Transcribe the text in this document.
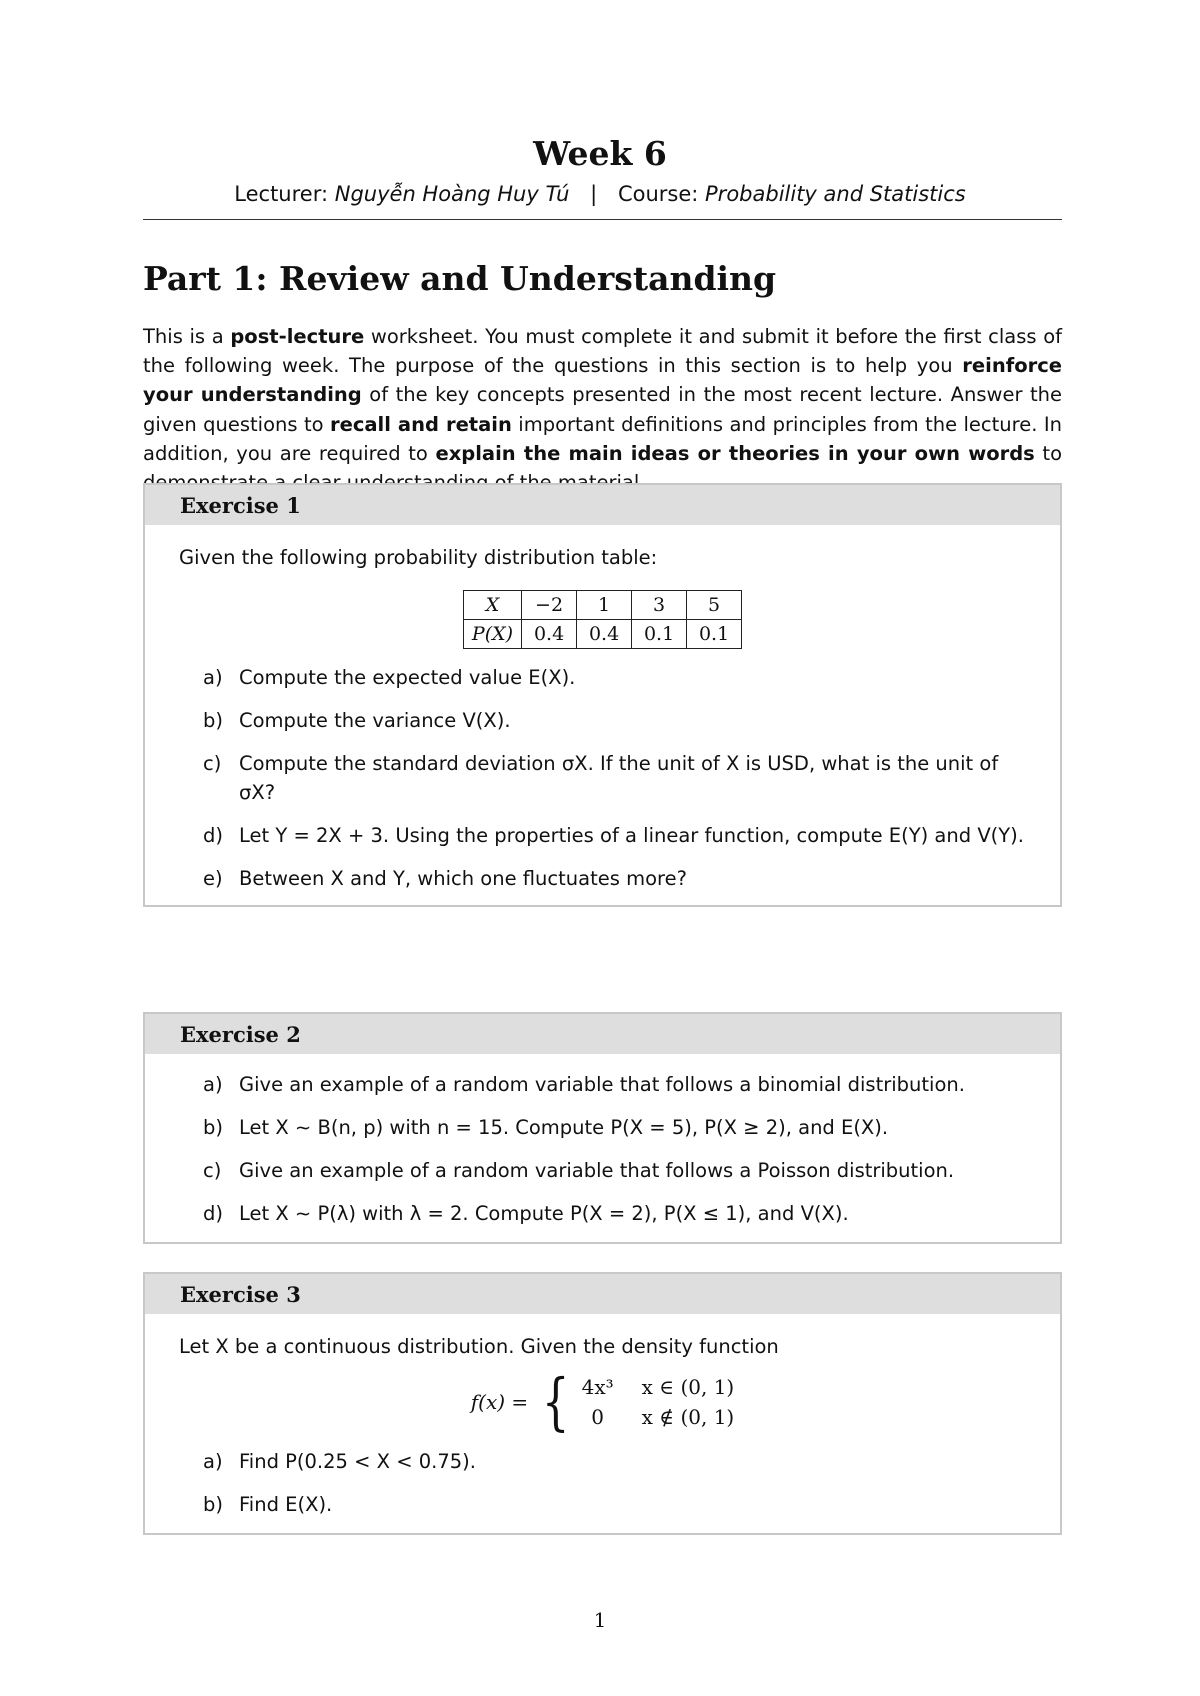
Week 6
Lecturer: Nguyễn Hoàng Huy Tú | Course: Probability and Statistics
Part 1: Review and Understanding

This is a post-lecture worksheet. You must complete it and submit it before the first class of the following week. The purpose of the questions in this section is to help you reinforce your understanding of the key concepts presented in the most recent lecture. Answer the given questions to recall and retain important definitions and principles from the lecture. In addition, you are required to explain the main ideas or theories in your own words to

Exercise 1

Given the following probability distribution table:

X	−2	1	3	5
P(X)	0.4	0.4	0.1	0.1
a) Compute the expected value E(X).
b) Compute the variance V(X).
c) Compute the standard deviation σX. If the unit of X is USD, what is the unit of σX?
d) Let Y = 2X + 3. Using the properties of a linear function, compute E(Y) and V(Y).
e) Between X and Y, which one fluctuates more?
Exercise 2
a) Give an example of a random variable that follows a binomial distribution.
b) Let X ∼ B(n, p) with n = 15. Compute P(X = 5), P(X ≥ 2), and E(X).
c) Give an example of a random variable that follows a Poisson distribution.
d) Let X ∼ P(λ) with λ = 2. Compute P(X = 2), P(X ≤ 1), and V(X).
Exercise 3

Let X be a continuous distribution. Given the density function

f(x) = { 4x³ x ∈ (0, 1)
0	x ∉ (0, 1)
a) Find P(0.25 < X < 0.75).
b) Find E(X).
1
